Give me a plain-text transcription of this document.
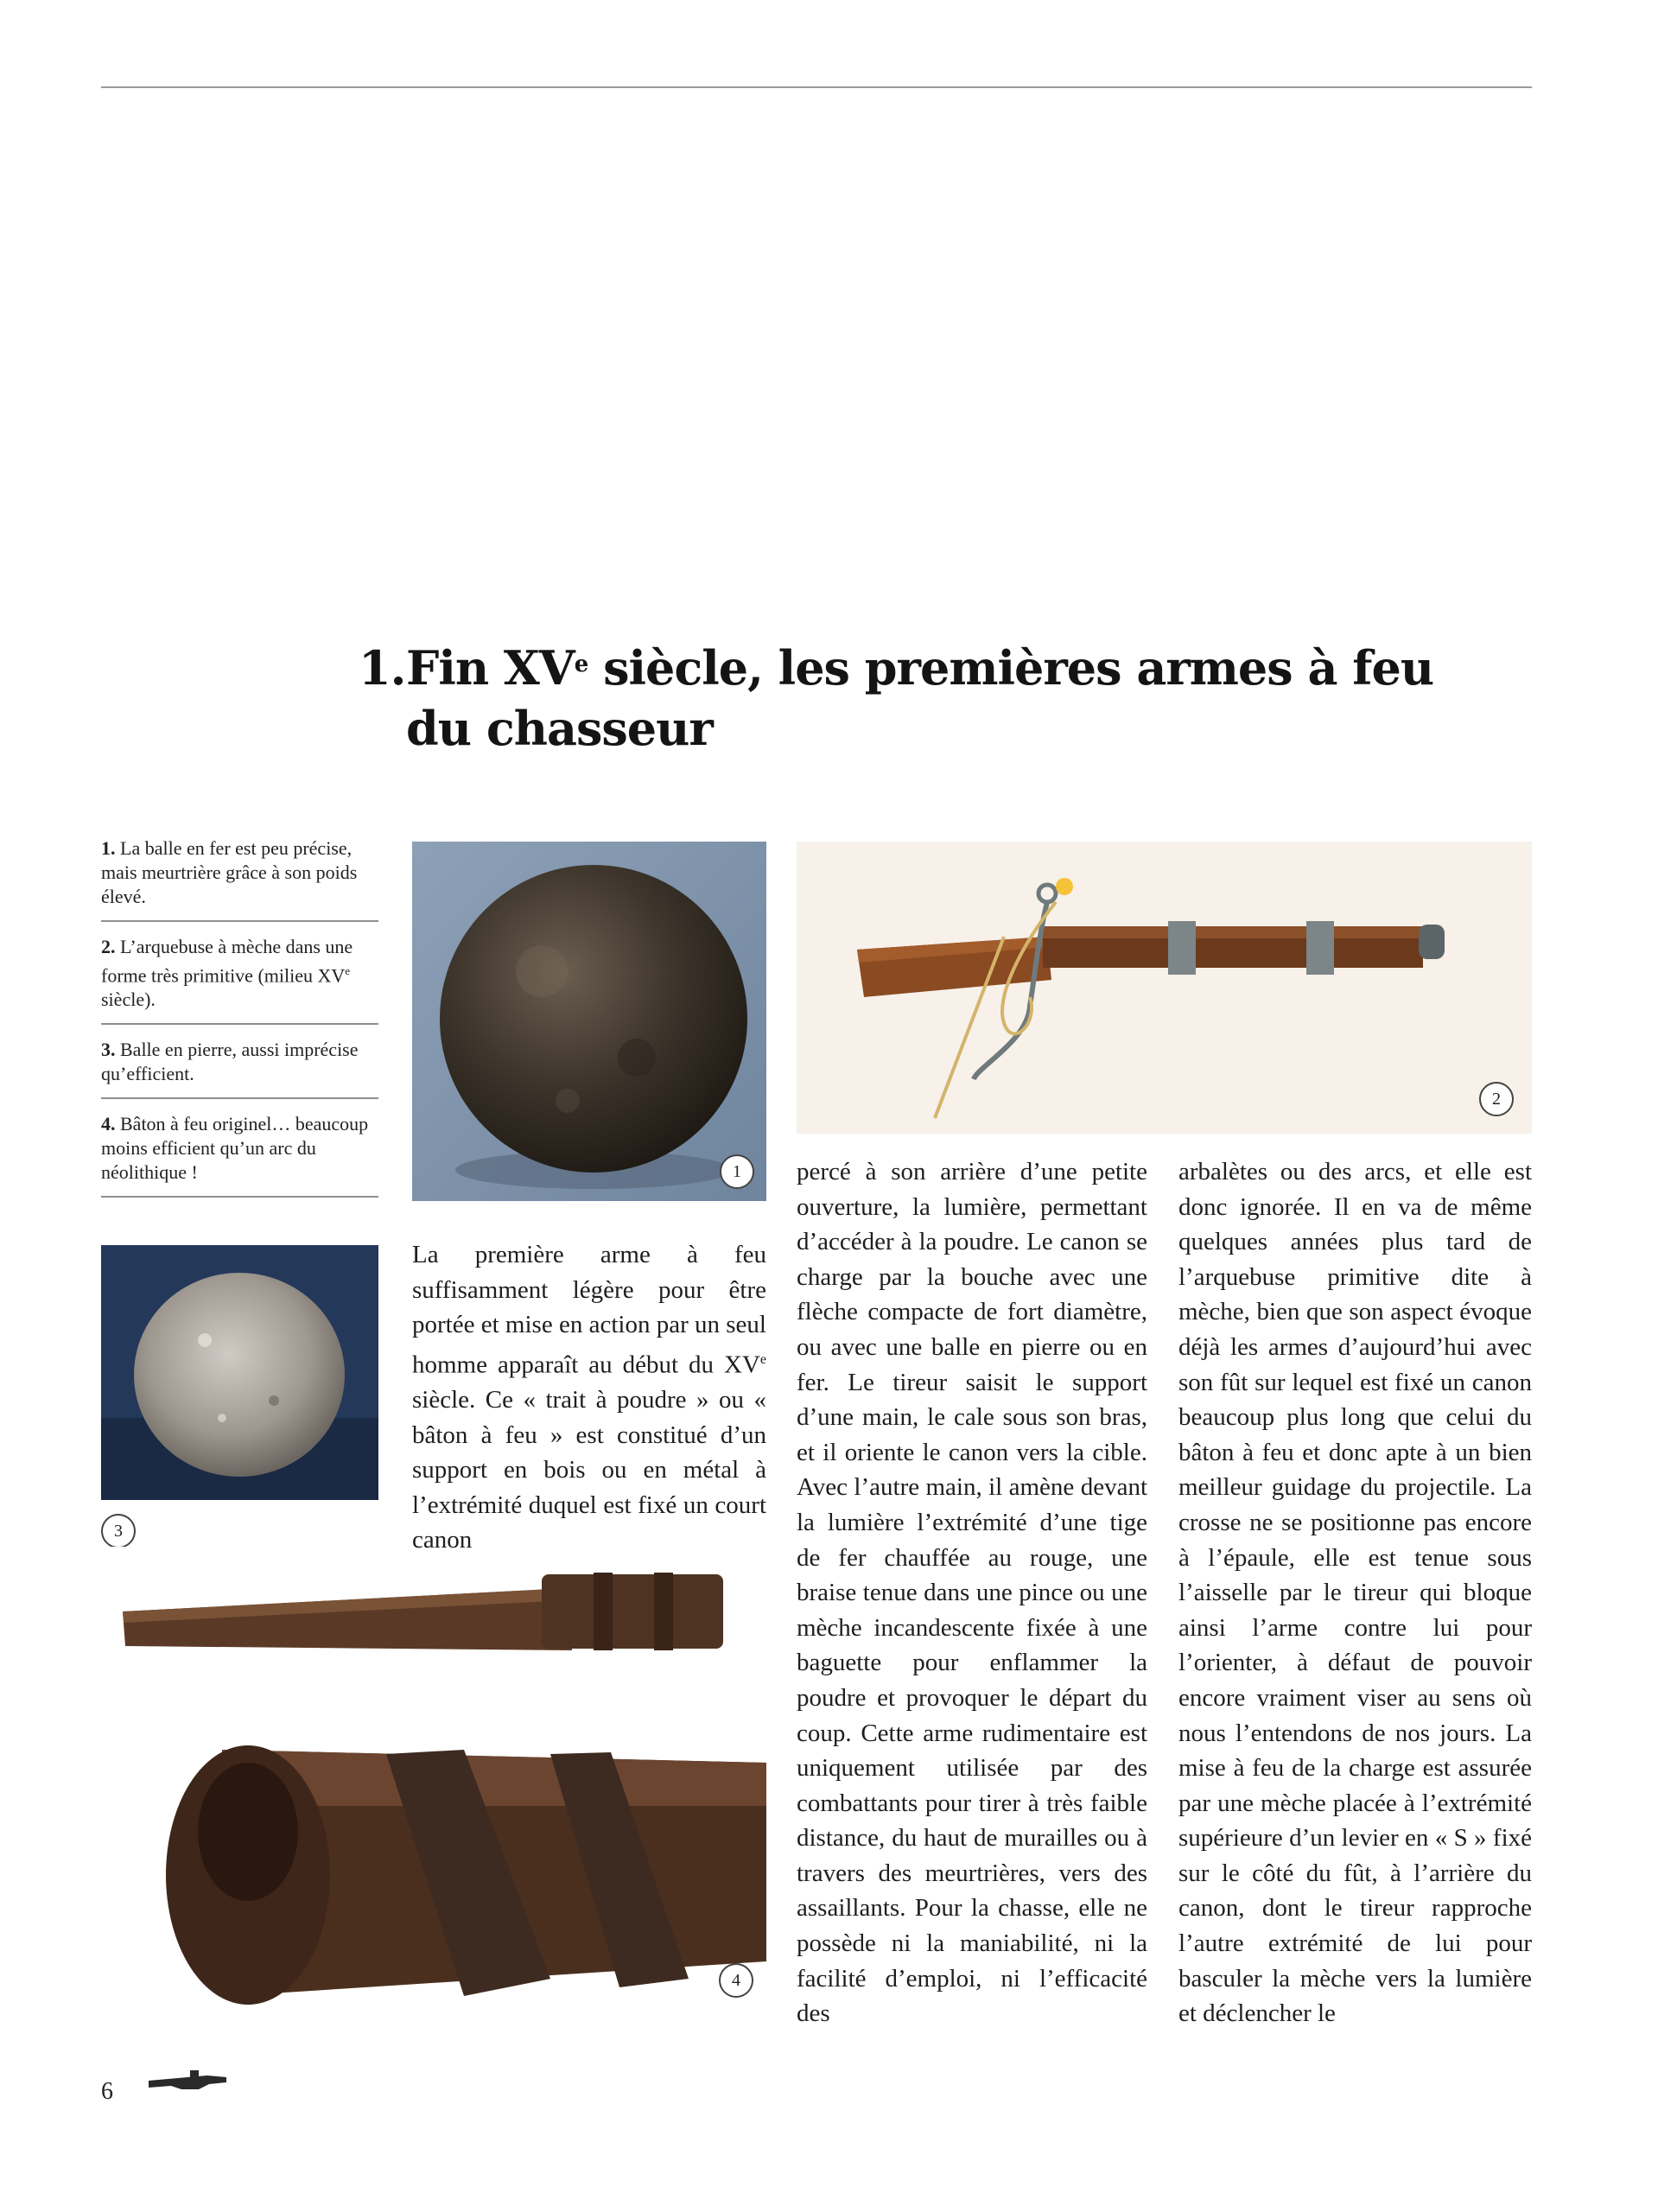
1.Fin XVe siècle, les premières armes à feu
du chasseur
1. La balle en fer est peu précise, mais meurtrière grâce à son poids élevé.
2. L’arquebuse à mèche dans une forme très primitive (milieu XVe siècle).
3. Balle en pierre, aussi imprécise qu’efficient.
4. Bâton à feu originel… beaucoup moins efficient qu’un arc du néolithique !	1
2
3
4

La première arme à feu suffisamment légère pour être portée et mise en action par un seul homme apparaît au début du XVe siècle. Ce « trait à poudre » ou « bâton à feu » est constitué d’un support en bois ou en métal à l’extrémité duquel est fixé un court canon

percé à son arrière d’une petite ouverture, la lumière, permettant d’accéder à la poudre. Le canon se charge par la bouche avec une flèche compacte de fort diamètre, ou avec une balle en pierre ou en fer. Le tireur saisit le support d’une main, le cale sous son bras, et il oriente le canon vers la cible. Avec l’autre main, il amène devant la lumière l’extrémité d’une tige de fer chauffée au rouge, une braise tenue dans une pince ou une mèche incandescente fixée à une baguette pour enflammer la poudre et provoquer le départ du coup. Cette arme rudimentaire est uniquement utilisée par des combattants pour tirer à très faible distance, du haut de murailles ou à travers des meurtrières, vers des assaillants. Pour la chasse, elle ne possède ni la maniabilité, ni la facilité d’emploi, ni l’efficacité des

arbalètes ou des arcs, et elle est donc ignorée. Il en va de même quelques années plus tard de l’arquebuse primitive dite à mèche, bien que son aspect évoque déjà les armes d’aujourd’hui avec son fût sur lequel est fixé un canon beaucoup plus long que celui du bâton à feu et donc apte à un bien meilleur guidage du projectile. La crosse ne se positionne pas encore à l’épaule, elle est tenue sous l’aisselle par le tireur qui bloque ainsi l’arme contre lui pour l’orienter, à défaut de pouvoir encore vraiment viser au sens où nous l’entendons de nos jours. La mise à feu de la charge est assurée par une mèche placée à l’extrémité supérieure d’un levier en « S » fixé sur le côté du fût, à l’arrière du canon, dont le tireur rapproche l’autre extrémité de lui pour basculer la mèche vers la lumière et déclencher le

6
